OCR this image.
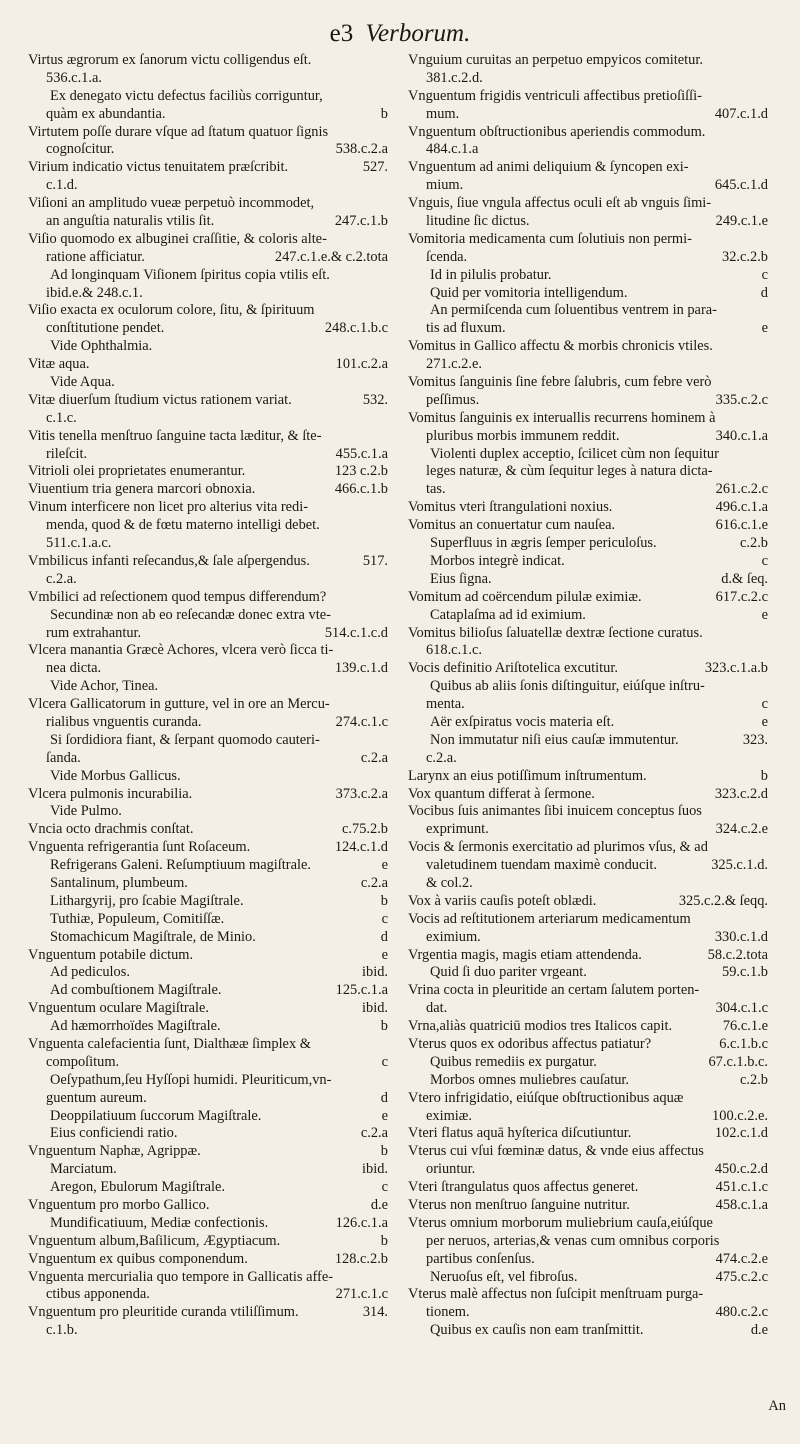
e3 Verborum.
Virtus ægrorum ex ſanorum victu colligendus eſt.
536.c.1.a.
Ex denegato victu defectus faciliùs corriguntur,
quàm ex abundantia.	b
Virtutem poſſe durare vſque ad ſtatum quatuor ſignis
cognoſcitur.	538.c.2.a
Virium indicatio victus tenuitatem præſcribit.	527.
c.1.d.
Viſioni an amplitudo vueæ perpetuò incommodet,
an anguſtia naturalis vtilis ſit.	247.c.1.b
Viſio quomodo ex albuginei craſſitie, & coloris alte-
ratione afficiatur.	247.c.1.e.& c.2.tota
Ad longinquam Viſionem ſpiritus copia vtilis eſt.
ibid.e.& 248.c.1.
Viſio exacta ex oculorum colore, ſitu, & ſpirituum
conſtitutione pendet.	248.c.1.b.c
Vide Ophthalmia.
Vitæ aqua.	101.c.2.a
Vide Aqua.
Vitæ diuerſum ſtudium victus rationem variat.	532.
c.1.c.
Vitis tenella menſtruo ſanguine tacta læditur, & ſte-
rileſcit.	455.c.1.a
Vitrioli olei proprietates enumerantur.	123 c.2.b
Viuentium tria genera marcori obnoxia.	466.c.1.b
Vinum interficere non licet pro alterius vita redi-
menda, quod & de fœtu materno intelligi debet.
511.c.1.a.c.
Vmbilicus infanti reſecandus,& ſale aſpergendus.	517.
c.2.a.
Vmbilici ad reſectionem quod tempus differendum?
Secundinæ non ab eo reſecandæ donec extra vte-
rum extrahantur.	514.c.1.c.d
Vlcera manantia Græcè Achores, vlcera verò ſicca ti-
nea dicta.	139.c.1.d
Vide Achor, Tinea.
Vlcera Gallicatorum in gutture, vel in ore an Mercu-
rialibus vnguentis curanda.	274.c.1.c
Si ſordidiora fiant, & ſerpant quomodo cauteri-
ſanda.	c.2.a
Vide Morbus Gallicus.
Vlcera pulmonis incurabilia.	373.c.2.a
Vide Pulmo.
Vncia octo drachmis conſtat.	c.75.2.b
Vnguenta refrigerantia ſunt Roſaceum.	124.c.1.d
Refrigerans Galeni. Reſumptiuum magiſtrale.	e
Santalinum, plumbeum.	c.2.a
Lithargyrij, pro ſcabie Magiſtrale.	b
Tuthiæ, Populeum, Comitiſſæ.	c
Stomachicum Magiſtrale, de Minio.	d
Vnguentum potabile dictum.	e
Ad pediculos.	ibid.
Ad combuſtionem Magiſtrale.	125.c.1.a
Vnguentum oculare Magiſtrale.	ibid.
Ad hæmorrhoïdes Magiſtrale.	b
Vnguenta calefacientia ſunt, Dialthææ ſimplex &
compoſitum.	c
Oeſypathum,ſeu Hyſſopi humidi. Pleuriticum,vn-
guentum aureum.	d
Deoppilatiuum ſuccorum Magiſtrale.	e
Eius conficiendi ratio.	c.2.a
Vnguentum Naphæ, Agrippæ.	b
Marciatum.	ibid.
Aregon, Ebulorum Magiſtrale.	c
Vnguentum pro morbo Gallico.	d.e
Mundificatiuum, Mediæ confectionis.	126.c.1.a
Vnguentum album,Baſilicum, Ægyptiacum.	b
Vnguentum ex quibus componendum.	128.c.2.b
Vnguenta mercurialia quo tempore in Gallicatis affe-
ctibus apponenda.	271.c.1.c
Vnguentum pro pleuritide curanda vtiliſſimum.	314.
c.1.b.
Vnguium curuitas an perpetuo empyicos comitetur.
381.c.2.d.
Vnguentum frigidis ventriculi affectibus pretioſiſſi-
mum.	407.c.1.d
Vnguentum obſtructionibus aperiendis commodum.
484.c.1.a
Vnguentum ad animi deliquium & ſyncopen exi-
mium.	645.c.1.d
Vnguis, ſiue vngula affectus oculi eſt ab vnguis ſimi-
litudine ſic dictus.	249.c.1.e
Vomitoria medicamenta cum ſolutiuis non permi-
ſcenda.	32.c.2.b
Id in pilulis probatur.	c
Quid per vomitoria intelligendum.	d
An permiſcenda cum ſoluentibus ventrem in para-
tis ad fluxum.	e
Vomitus in Gallico affectu & morbis chronicis vtiles.
271.c.2.e.
Vomitus ſanguinis ſine febre ſalubris, cum febre verò
peſſimus.	335.c.2.c
Vomitus ſanguinis ex interuallis recurrens hominem à
pluribus morbis immunem reddit.	340.c.1.a
Violenti duplex acceptio, ſcilicet cùm non ſequitur
leges naturæ, & cùm ſequitur leges à natura dicta-
tas.	261.c.2.c
Vomitus vteri ſtrangulationi noxius.	496.c.1.a
Vomitus an conuertatur cum nauſea.	616.c.1.e
Superfluus in ægris ſemper periculoſus.	c.2.b
Morbos integrè indicat.	c
Eius ſigna.	d.& ſeq.
Vomitum ad coërcendum pilulæ eximiæ.	617.c.2.c
Cataplaſma ad id eximium.	e
Vomitus bilioſus ſaluatellæ dextræ ſectione curatus.
618.c.1.c.
Vocis definitio Ariſtotelica excutitur.	323.c.1.a.b
Quibus ab aliis ſonis diſtinguitur, eiúſque inſtru-
menta.	c
Aër exſpiratus vocis materia eſt.	e
Non immutatur niſi eius cauſæ immutentur.	323.
c.2.a.
Larynx an eius potiſſimum inſtrumentum.	b
Vox quantum differat à ſermone.	323.c.2.d
Vocibus ſuis animantes ſibi inuicem conceptus ſuos
exprimunt.	324.c.2.e
Vocis & ſermonis exercitatio ad plurimos vſus, & ad
valetudinem tuendam maximè conducit.	325.c.1.d.
& col.2.
Vox à variis cauſis poteſt oblædi.	325.c.2.& ſeqq.
Vocis ad reſtitutionem arteriarum medicamentum
eximium.	330.c.1.d
Vrgentia magis, magis etiam attendenda.	58.c.2.tota
Quid ſi duo pariter vrgeant.	59.c.1.b
Vrina cocta in pleuritide an certam ſalutem porten-
dat.	304.c.1.c
Vrna,aliàs quatriciū modios tres Italicos capit.	76.c.1.e
Vterus quos ex odoribus affectus patiatur?	6.c.1.b.c
Quibus remediis ex purgatur.	67.c.1.b.c.
Morbos omnes muliebres cauſatur.	c.2.b
Vtero infrigidatio, eiúſque obſtructionibus aquæ
eximiæ.	100.c.2.e.
Vteri flatus aquā hyſterica diſcutiuntur.	102.c.1.d
Vterus cui vſui fœminæ datus, & vnde eius affectus
oriuntur.	450.c.2.d
Vteri ſtrangulatus quos affectus generet.	451.c.1.c
Vterus non menſtruo ſanguine nutritur.	458.c.1.a
Vterus omnium morborum muliebrium cauſa,eiúſque
per neruos, arterias,& venas cum omnibus corporis
partibus conſenſus.	474.c.2.e
Neruoſus eſt, vel fibroſus.	475.c.2.c
Vterus malè affectus non ſuſcipit menſtruam purga-
tionem.	480.c.2.c
Quibus ex cauſis non eam tranſmittit.	d.e
An
